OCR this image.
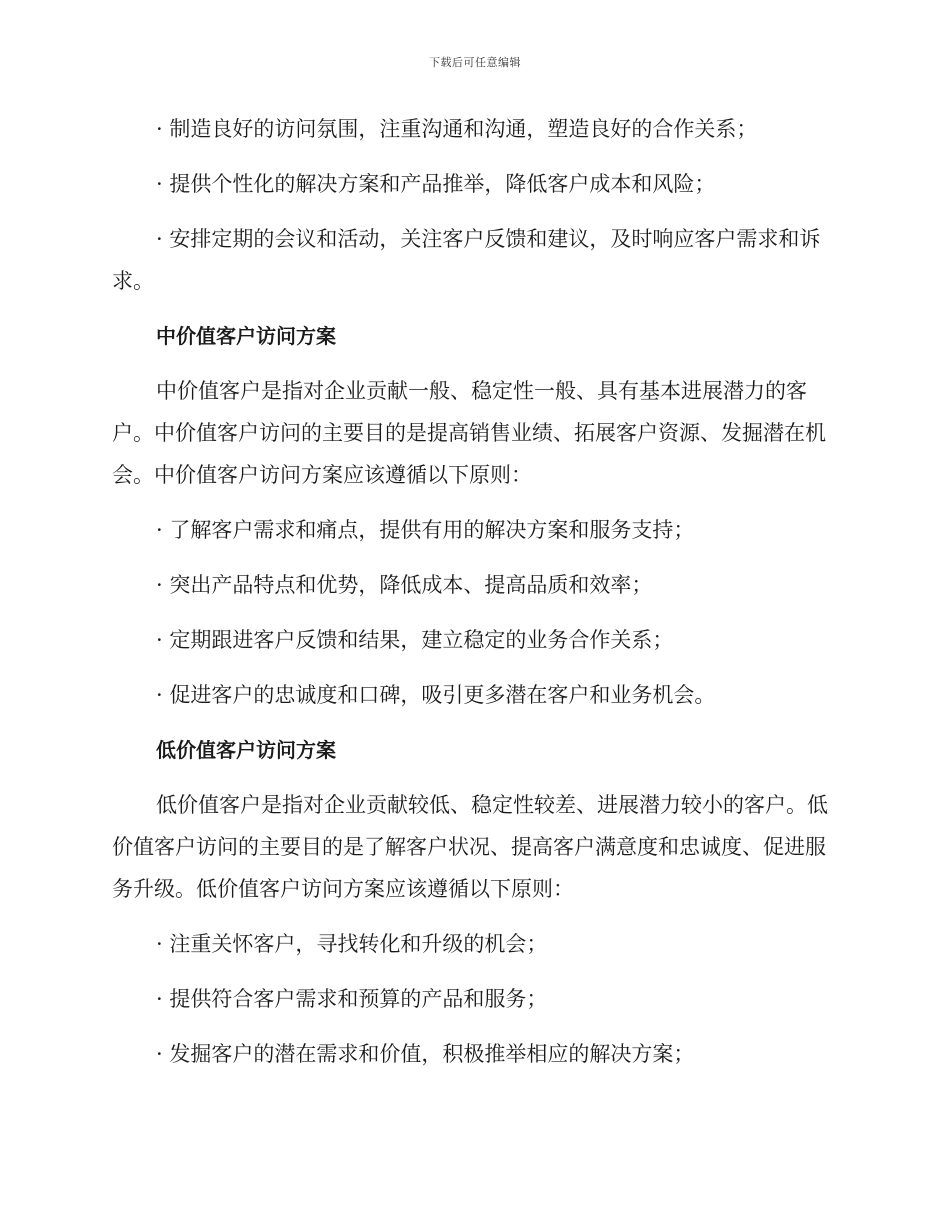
下载后可任意编辑

· 制造良好的访问氛围，注重沟通和沟通，塑造良好的合作关系；

· 提供个性化的解决方案和产品推举，降低客户成本和风险；

· 安排定期的会议和活动，关注客户反馈和建议，及时响应客户需求和诉求。

中价值客户访问方案

中价值客户是指对企业贡献一般、稳定性一般、具有基本进展潜力的客户。中价值客户访问的主要目的是提高销售业绩、拓展客户资源、发掘潜在机会。中价值客户访问方案应该遵循以下原则：

· 了解客户需求和痛点，提供有用的解决方案和服务支持；

· 突出产品特点和优势，降低成本、提高品质和效率；

· 定期跟进客户反馈和结果，建立稳定的业务合作关系；

· 促进客户的忠诚度和口碑，吸引更多潜在客户和业务机会。

低价值客户访问方案

低价值客户是指对企业贡献较低、稳定性较差、进展潜力较小的客户。低价值客户访问的主要目的是了解客户状况、提高客户满意度和忠诚度、促进服务升级。低价值客户访问方案应该遵循以下原则：

· 注重关怀客户，寻找转化和升级的机会；

· 提供符合客户需求和预算的产品和服务；

· 发掘客户的潜在需求和价值，积极推举相应的解决方案；
